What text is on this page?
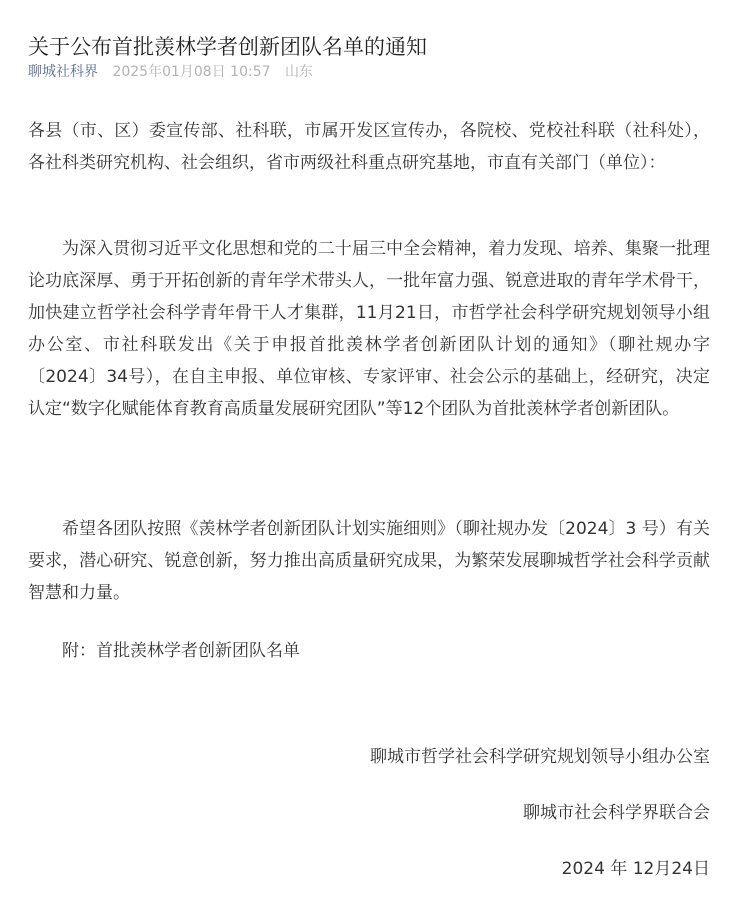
关于公布首批羡林学者创新团队名单的通知
聊城社科界 2025年01月08日 10:57 山东

各县（市、区）委宣传部、社科联，市属开发区宣传办，各院校、党校社科联（社科处），各社科类研究机构、社会组织，省市两级社科重点研究基地，市直有关部门（单位）：

为深入贯彻习近平文化思想和党的二十届三中全会精神，着力发现、培养、集聚一批理论功底深厚、勇于开拓创新的青年学术带头人，一批年富力强、锐意进取的青年学术骨干，加快建立哲学社会科学青年骨干人才集群，11月21日，市哲学社会科学研究规划领导小组办公室、市社科联发出《关于申报首批羡林学者创新团队计划的通知》（聊社规办字〔2024〕34号），在自主申报、单位审核、专家评审、社会公示的基础上，经研究，决定认定“数字化赋能体育教育高质量发展研究团队”等12个团队为首批羡林学者创新团队。

希望各团队按照《羡林学者创新团队计划实施细则》（聊社规办发〔2024〕3 号）有关要求，潜心研究、锐意创新，努力推出高质量研究成果，为繁荣发展聊城哲学社会科学贡献智慧和力量。

附：首批羡林学者创新团队名单

聊城市哲学社会科学研究规划领导小组办公室
聊城市社会科学界联合会
2024 年 12月24日
